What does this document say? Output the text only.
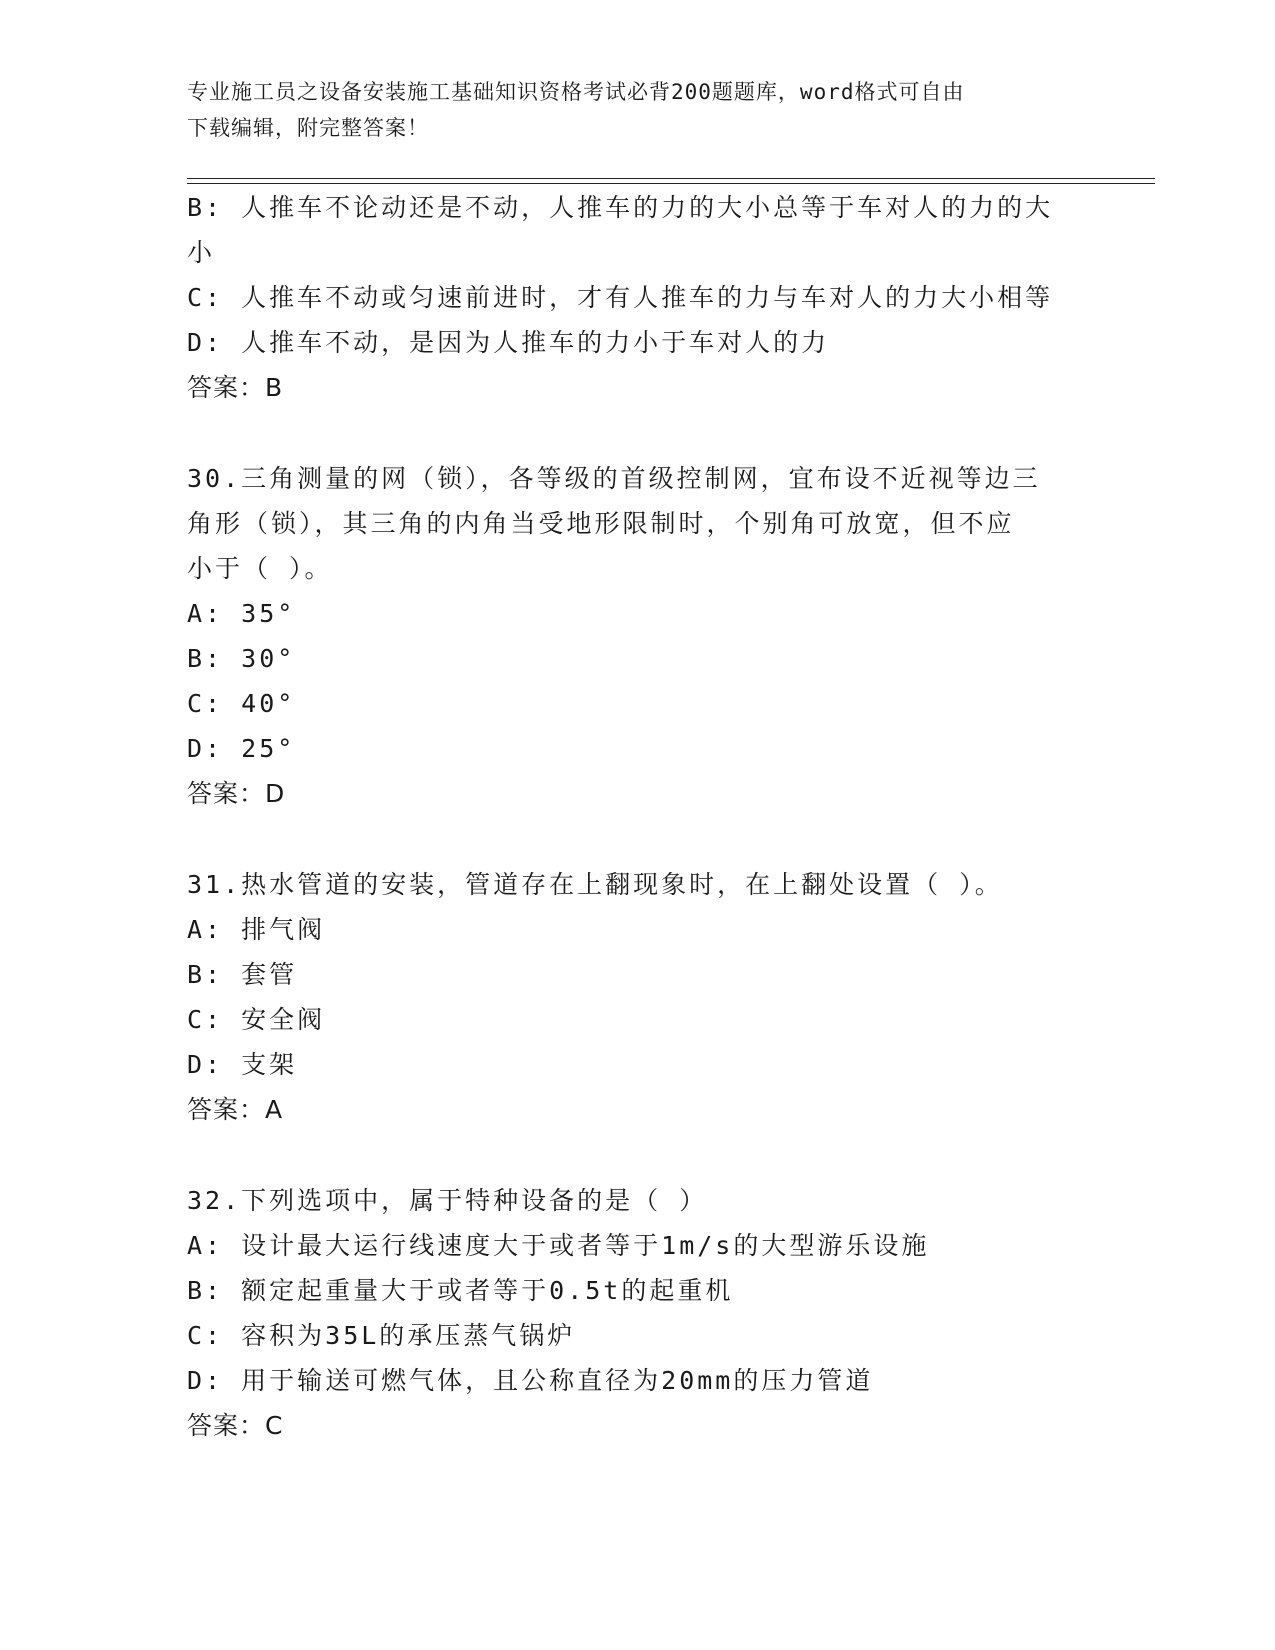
专业施工员之设备安装施工基础知识资格考试必背200题题库，word格式可自由
下载编辑，附完整答案！
B: 人推车不论动还是不动，人推车的力的大小总等于车对人的力的大
小
C: 人推车不动或匀速前进时，才有人推车的力与车对人的力大小相等
D: 人推车不动，是因为人推车的力小于车对人的力
答案：B
30.三角测量的网（锁），各等级的首级控制网，宜布设不近视等边三
角形（锁），其三角的内角当受地形限制时，个别角可放宽，但不应
小于（ ）。
A: 35°
B: 30°
C: 40°
D: 25°
答案：D
31.热水管道的安装，管道存在上翻现象时，在上翻处设置（ ）。
A: 排气阀
B: 套管
C: 安全阀
D: 支架
答案：A
32.下列选项中，属于特种设备的是（ ）
A: 设计最大运行线速度大于或者等于1m/s的大型游乐设施
B: 额定起重量大于或者等于0.5t的起重机
C: 容积为35L的承压蒸气锅炉
D: 用于输送可燃气体，且公称直径为20mm的压力管道
答案：C
